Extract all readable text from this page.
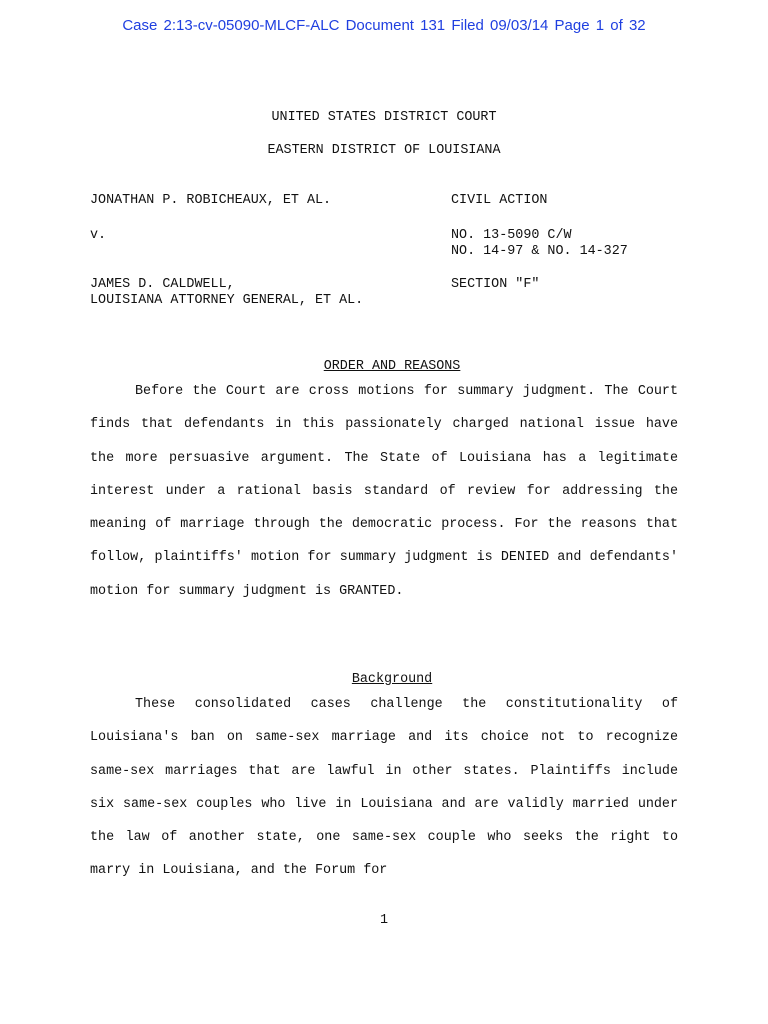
Case 2:13-cv-05090-MLCF-ALC Document 131 Filed 09/03/14 Page 1 of 32
UNITED STATES DISTRICT COURT
EASTERN DISTRICT OF LOUISIANA
JONATHAN P. ROBICHEAUX, ET AL.	CIVIL ACTION
v.	NO. 13-5090 C/W
NO. 14-97 & NO. 14-327
JAMES D. CALDWELL,
LOUISIANA ATTORNEY GENERAL, ET AL.
SECTION "F"

ORDER AND REASONS

Before the Court are cross motions for summary judgment. The Court finds that defendants in this passionately charged national issue have the more persuasive argument. The State of Louisiana has a legitimate interest under a rational basis standard of review for addressing the meaning of marriage through the democratic process. For the reasons that follow, plaintiffs' motion for summary judgment is DENIED and defendants' motion for summary judgment is GRANTED.

Background

These consolidated cases challenge the constitutionality of Louisiana's ban on same-sex marriage and its choice not to recognize same-sex marriages that are lawful in other states. Plaintiffs include six same-sex couples who live in Louisiana and are validly married under the law of another state, one same-sex couple who seeks the right to marry in Louisiana, and the Forum for

1
